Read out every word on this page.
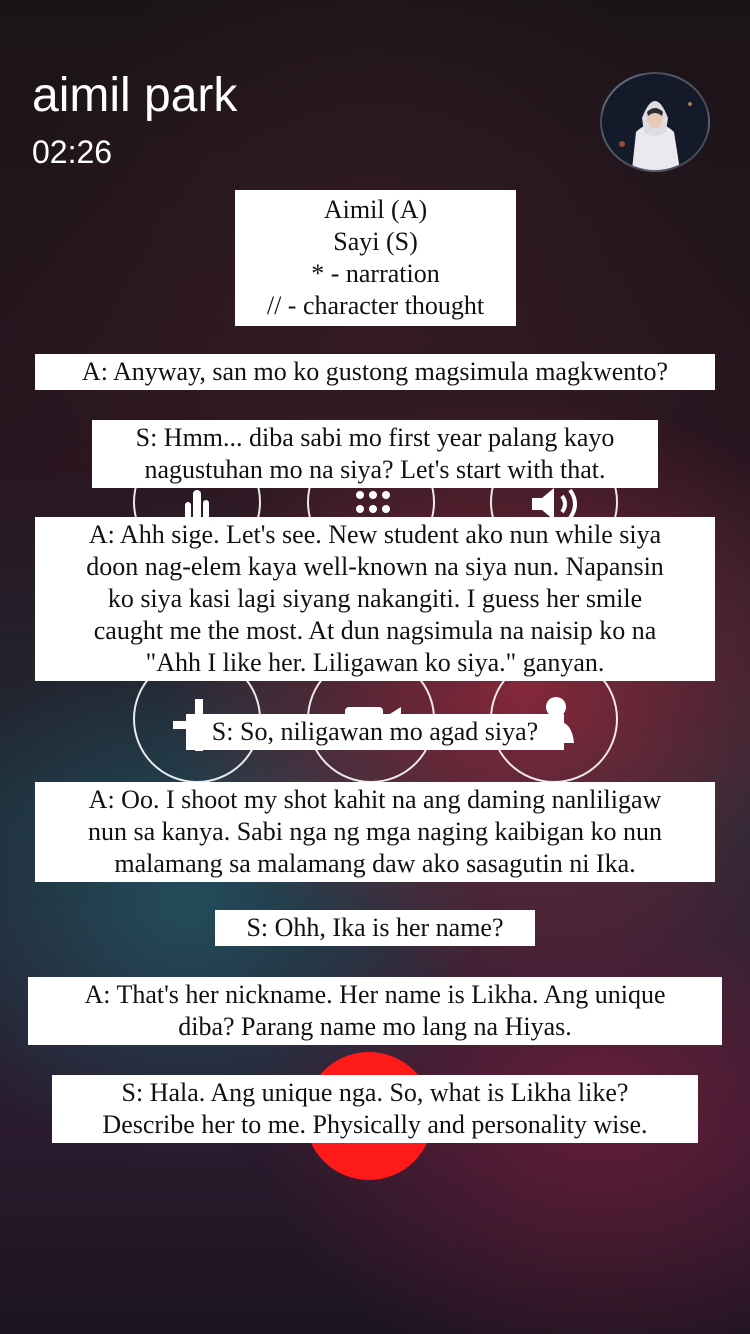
aimil park
02:26
Aimil (A)
Sayi (S)
* - narration
// - character thought
A: Anyway, san mo ko gustong magsimula magkwento?
S: Hmm... diba sabi mo first year palang kayo
nagustuhan mo na siya? Let's start with that.
A: Ahh sige. Let's see. New student ako nun while siya
doon nag-elem kaya well-known na siya nun. Napansin
ko siya kasi lagi siyang nakangiti. I guess her smile
caught me the most. At dun nagsimula na naisip ko na
"Ahh I like her. Liligawan ko siya." ganyan.
S: So, niligawan mo agad siya?
A: Oo. I shoot my shot kahit na ang daming nanliligaw
nun sa kanya. Sabi nga ng mga naging kaibigan ko nun
malamang sa malamang daw ako sasagutin ni Ika.
S: Ohh, Ika is her name?
A: That's her nickname. Her name is Likha. Ang unique
diba? Parang name mo lang na Hiyas.
S: Hala. Ang unique nga. So, what is Likha like?
Describe her to me. Physically and personality wise.
